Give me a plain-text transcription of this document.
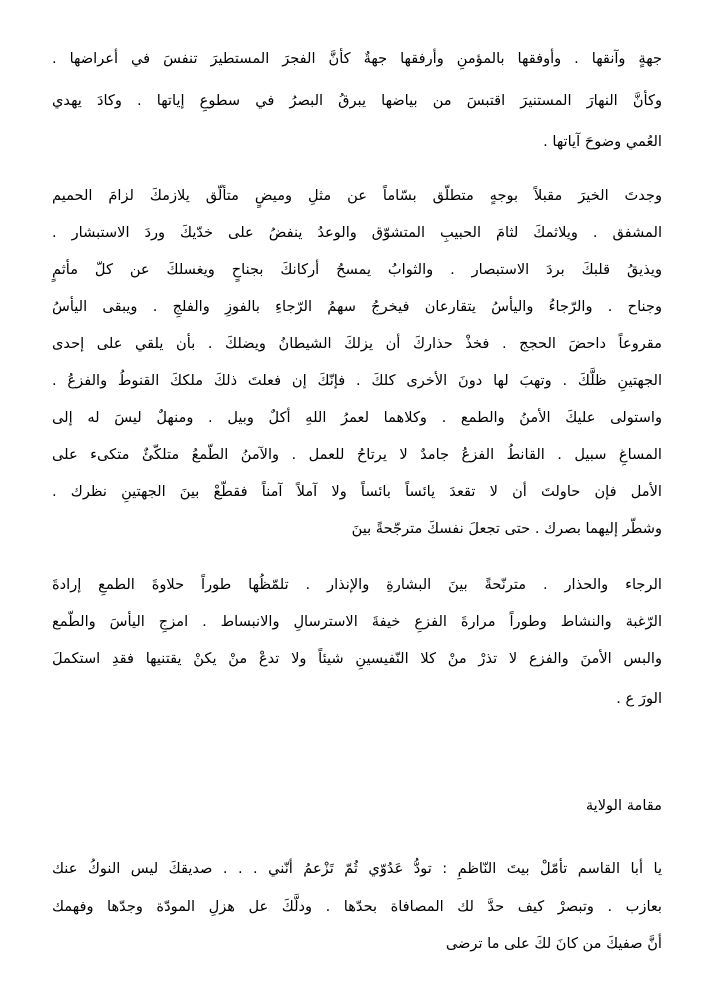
جهةٍ وآنقها . وأوفقها بالمؤمنِ وأرفقها جهةٌ كأنَّ الفجرَ المستطيرَ تنفسَ في أعراضها .
وكأنَّ النهارَ المستنيرَ اقتبسَ من بياضها يبرقُ البصرُ في سطوعِ إياتها . وكادَ يهدي
العُمي وضوحَ آياتها .
وجدتَ الخيرَ مقبلاً بوجهٍ متطلّق بسّاماً عن مثلِ وميضٍ متألّق يلازمكَ لزامَ الحميم
المشفق . ويلاثمكَ لثامَ الحبيبِ المتشوّق والوعدُ ينفضُ على خدّيكَ وردَ الاستبشار .
ويذيقُ قلبكَ بردَ الاستبصار . والثوابُ يمسحُ أركانكَ بجناحٍ ويغسلكَ عن كلّ مأثمٍ
وجناح . والرّجاءُ واليأسُ يتقارعان فيخرجُ سهمُ الرّجاءِ بالفوزِ والفلجِ . ويبقى اليأسُ
مقروعاً داحضَ الحجج . فخذْ حذاركَ أن يزلكَ الشيطانُ ويضلكَ . بأن يلقي على إحدى
الجهتينِ ظلَّكَ . وتهبَ لها دونَ الأخرى كلكَ . فإنّكَ إن فعلتَ ذلكَ ملككَ القنوطُ والفزعُ .
واستولى عليكَ الأمنُ والطمع . وكلاهما لعمرُ اللهِ أكلٌ وبيل . ومنهلٌ ليسَ له إلى
المساغِ سبيل . القانطُ الفزعُ جامدٌ لا يرتاحُ للعمل . والآمنُ الطّمعُ متلكّئٌ متكىء على
الأمل فإن حاولتَ أن لا تقعدَ يائساً بائساً ولا آملاً آمناً فقطّعْ بينَ الجهتينِ نظرك .
وشطّر إليهما بصرك . حتى تجعلَ نفسكَ مترجّحةً بينَ
الرجاء والحذار . مترنّحةً بينَ البشارةِ والإنذار . تلمّظُها طوراً حلاوةَ الطمعِ إرادةَ
الرّغبة والنشاط وطوراً مرارةَ الفزعِ خيفةَ الاسترسالِ والانبساط . امزجِ اليأسَ والطّمع
والبس الأمنَ والفزع لا تذرْ منْ كلا النّفيسينِ شيئاً ولا تدعْ منْ يكنْ يقتنيها فقدِ استكملَ
الورَ ع .
مقامة الولاية
يا أبا القاسم تأمّلْ بيتَ النّاظمِ : تودُّ عَدُوّي ثُمّ تَزْعمُ أنّني . . . صديقكَ ليس النوكُ عنك
بعازب . وتبصرْ كيف حدَّ لك المصافاة بحدّها . ودلَّكَ عل هزلِ المودّة وجدّها وفهمك
أنَّ صفيكَ من كانَ لكَ على ما ترضى
